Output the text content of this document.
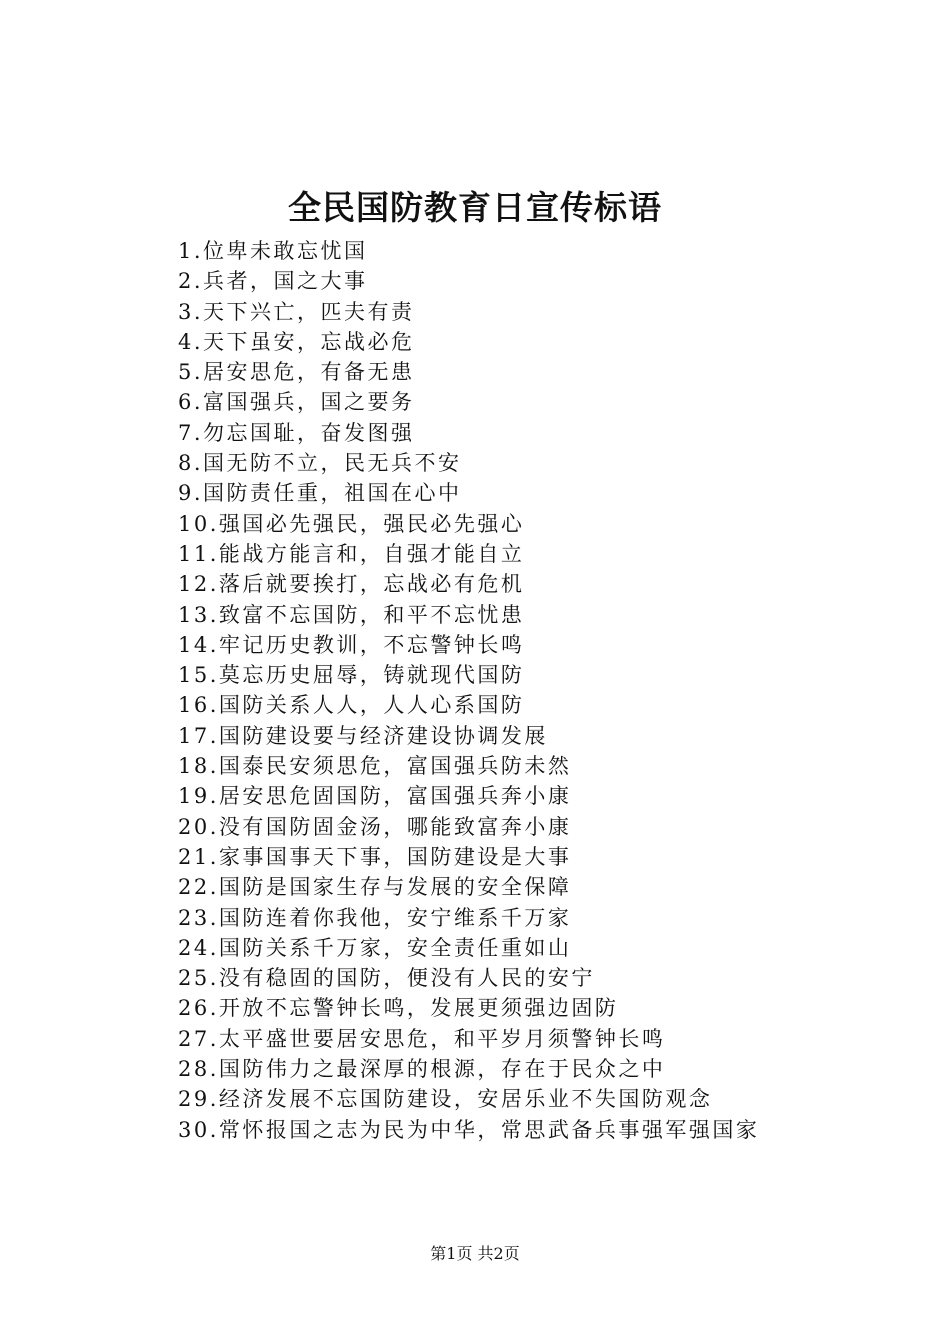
全民国防教育日宣传标语
1.位卑未敢忘忧国
2.兵者，国之大事
3.天下兴亡，匹夫有责
4.天下虽安，忘战必危
5.居安思危，有备无患
6.富国强兵，国之要务
7.勿忘国耻，奋发图强
8.国无防不立，民无兵不安
9.国防责任重，祖国在心中
10.强国必先强民，强民必先强心
11.能战方能言和，自强才能自立
12.落后就要挨打，忘战必有危机
13.致富不忘国防，和平不忘忧患
14.牢记历史教训，不忘警钟长鸣
15.莫忘历史屈辱，铸就现代国防
16.国防关系人人，人人心系国防
17.国防建设要与经济建设协调发展
18.国泰民安须思危，富国强兵防未然
19.居安思危固国防，富国强兵奔小康
20.没有国防固金汤，哪能致富奔小康
21.家事国事天下事，国防建设是大事
22.国防是国家生存与发展的安全保障
23.国防连着你我他，安宁维系千万家
24.国防关系千万家，安全责任重如山
25.没有稳固的国防，便没有人民的安宁
26.开放不忘警钟长鸣，发展更须强边固防
27.太平盛世要居安思危，和平岁月须警钟长鸣
28.国防伟力之最深厚的根源，存在于民众之中
29.经济发展不忘国防建设，安居乐业不失国防观念
30.常怀报国之志为民为中华，常思武备兵事强军强国家
第1页 共2页
